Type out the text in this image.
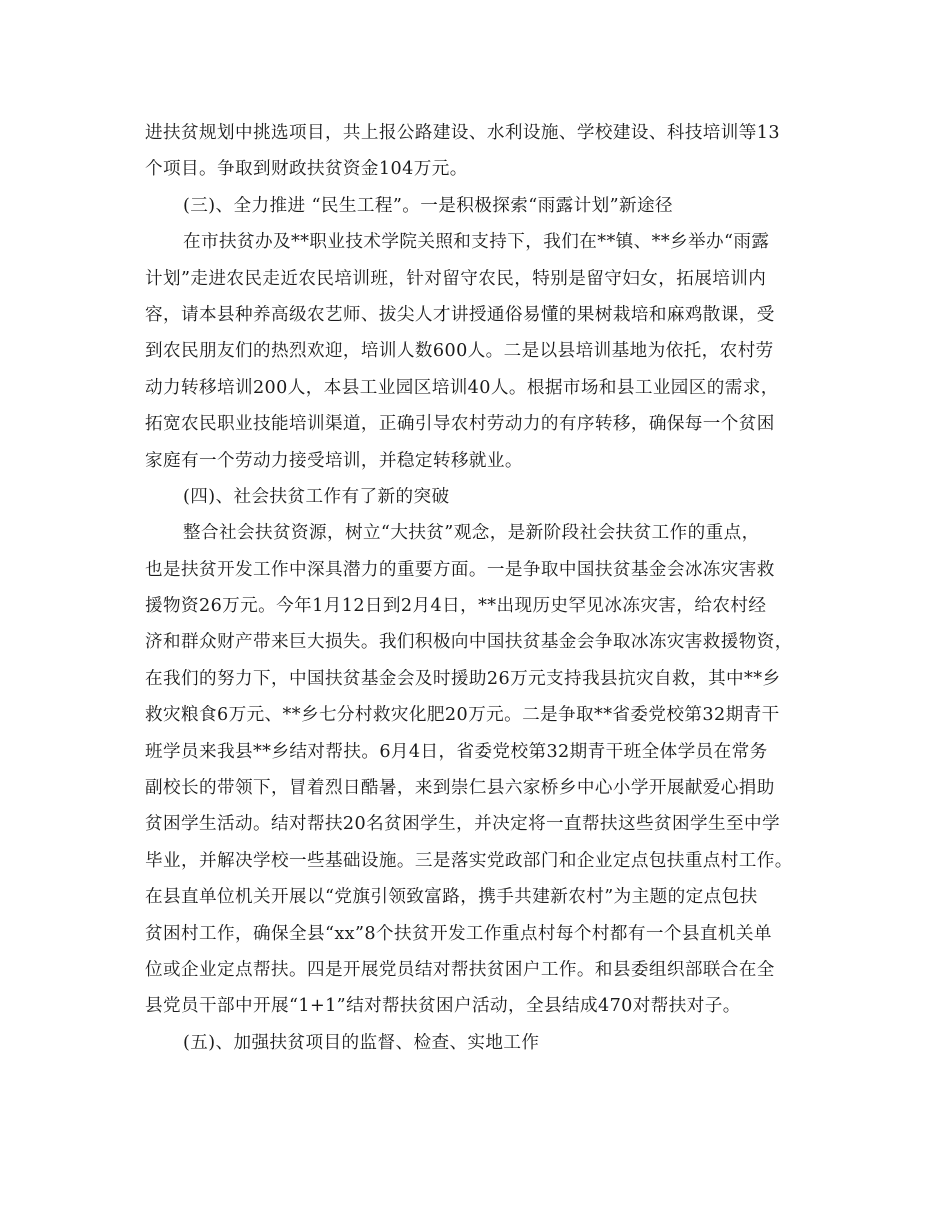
进扶贫规划中挑选项目，共上报公路建设、水利设施、学校建设、科技培训等13
个项目。争取到财政扶贫资金104万元。
(三)、全力推进 “民生工程”。一是积极探索“雨露计划”新途径
在市扶贫办及**职业技术学院关照和支持下，我们在**镇、**乡举办“雨露
计划”走进农民走近农民培训班，针对留守农民，特别是留守妇女，拓展培训内
容，请本县种养高级农艺师、拔尖人才讲授通俗易懂的果树栽培和麻鸡散课，受
到农民朋友们的热烈欢迎，培训人数600人。二是以县培训基地为依托，农村劳
动力转移培训200人，本县工业园区培训40人。根据市场和县工业园区的需求，
拓宽农民职业技能培训渠道，正确引导农村劳动力的有序转移，确保每一个贫困
家庭有一个劳动力接受培训，并稳定转移就业。
(四)、社会扶贫工作有了新的突破
整合社会扶贫资源，树立“大扶贫”观念，是新阶段社会扶贫工作的重点，
也是扶贫开发工作中深具潜力的重要方面。一是争取中国扶贫基金会冰冻灾害救
援物资26万元。今年1月12日到2月4日，**出现历史罕见冰冻灾害，给农村经
济和群众财产带来巨大损失。我们积极向中国扶贫基金会争取冰冻灾害救援物资，
在我们的努力下，中国扶贫基金会及时援助26万元支持我县抗灾自救，其中**乡
救灾粮食6万元、**乡七分村救灾化肥20万元。二是争取**省委党校第32期青干
班学员来我县**乡结对帮扶。6月4日，省委党校第32期青干班全体学员在常务
副校长的带领下，冒着烈日酷暑，来到崇仁县六家桥乡中心小学开展献爱心捐助
贫困学生活动。结对帮扶20名贫困学生，并决定将一直帮扶这些贫困学生至中学
毕业，并解决学校一些基础设施。三是落实党政部门和企业定点包扶重点村工作。
在县直单位机关开展以“党旗引领致富路，携手共建新农村”为主题的定点包扶
贫困村工作，确保全县“xx”8个扶贫开发工作重点村每个村都有一个县直机关单
位或企业定点帮扶。四是开展党员结对帮扶贫困户工作。和县委组织部联合在全
县党员干部中开展“1+1”结对帮扶贫困户活动，全县结成470对帮扶对子。
(五)、加强扶贫项目的监督、检查、实地工作
